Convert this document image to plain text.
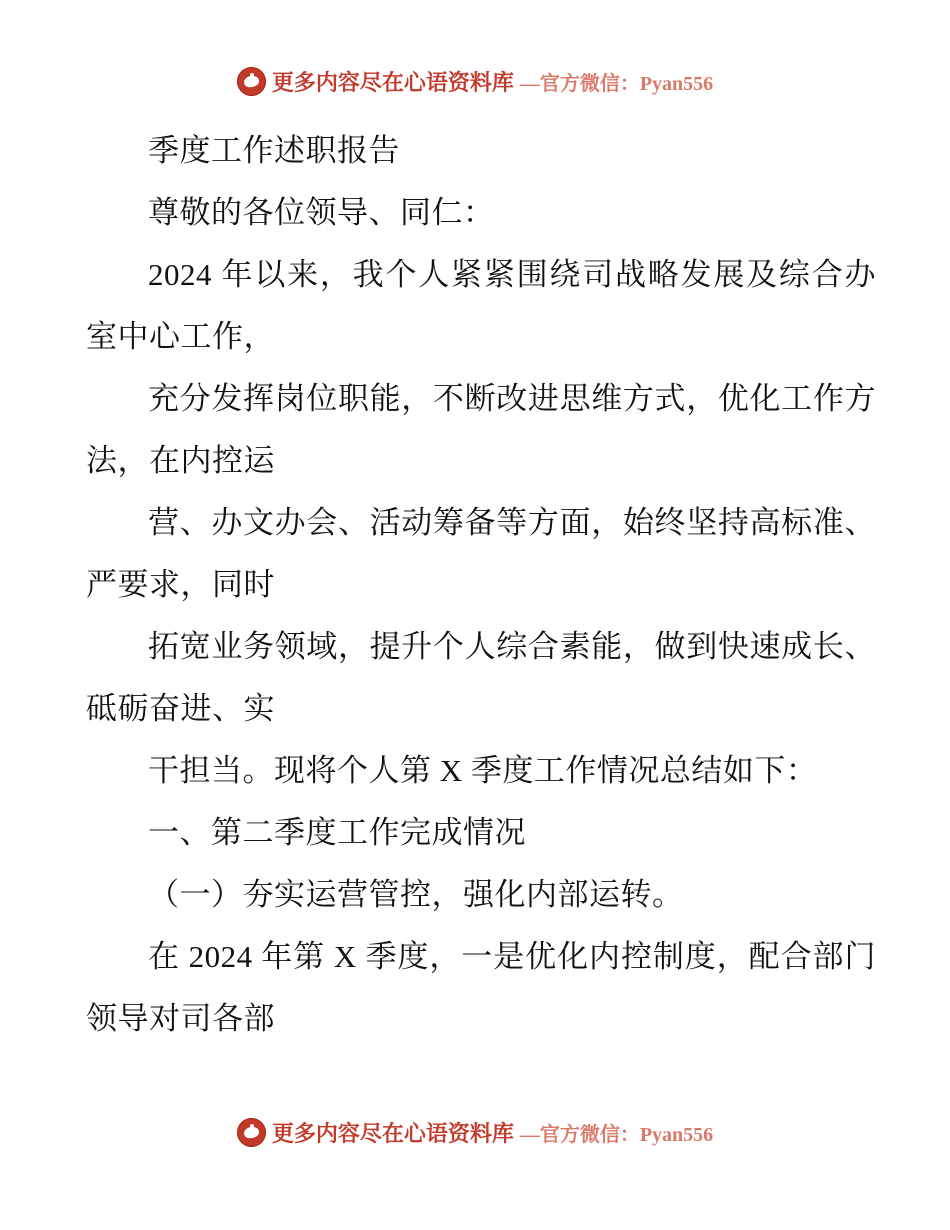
更多内容尽在心语资料库 —官方微信：Pyan556

季度工作述职报告

尊敬的各位领导、同仁：

2024 年以来，我个人紧紧围绕司战略发展及综合办室中心工作，

充分发挥岗位职能，不断改进思维方式，优化工作方法，在内控运

营、办文办会、活动筹备等方面，始终坚持高标准、严要求，同时

拓宽业务领域，提升个人综合素能，做到快速成长、砥砺奋进、实

干担当。现将个人第 X 季度工作情况总结如下：

一、第二季度工作完成情况

（一）夯实运营管控，强化内部运转。

在 2024 年第 X 季度，一是优化内控制度，配合部门领导对司各部

更多内容尽在心语资料库 —官方微信：Pyan556
